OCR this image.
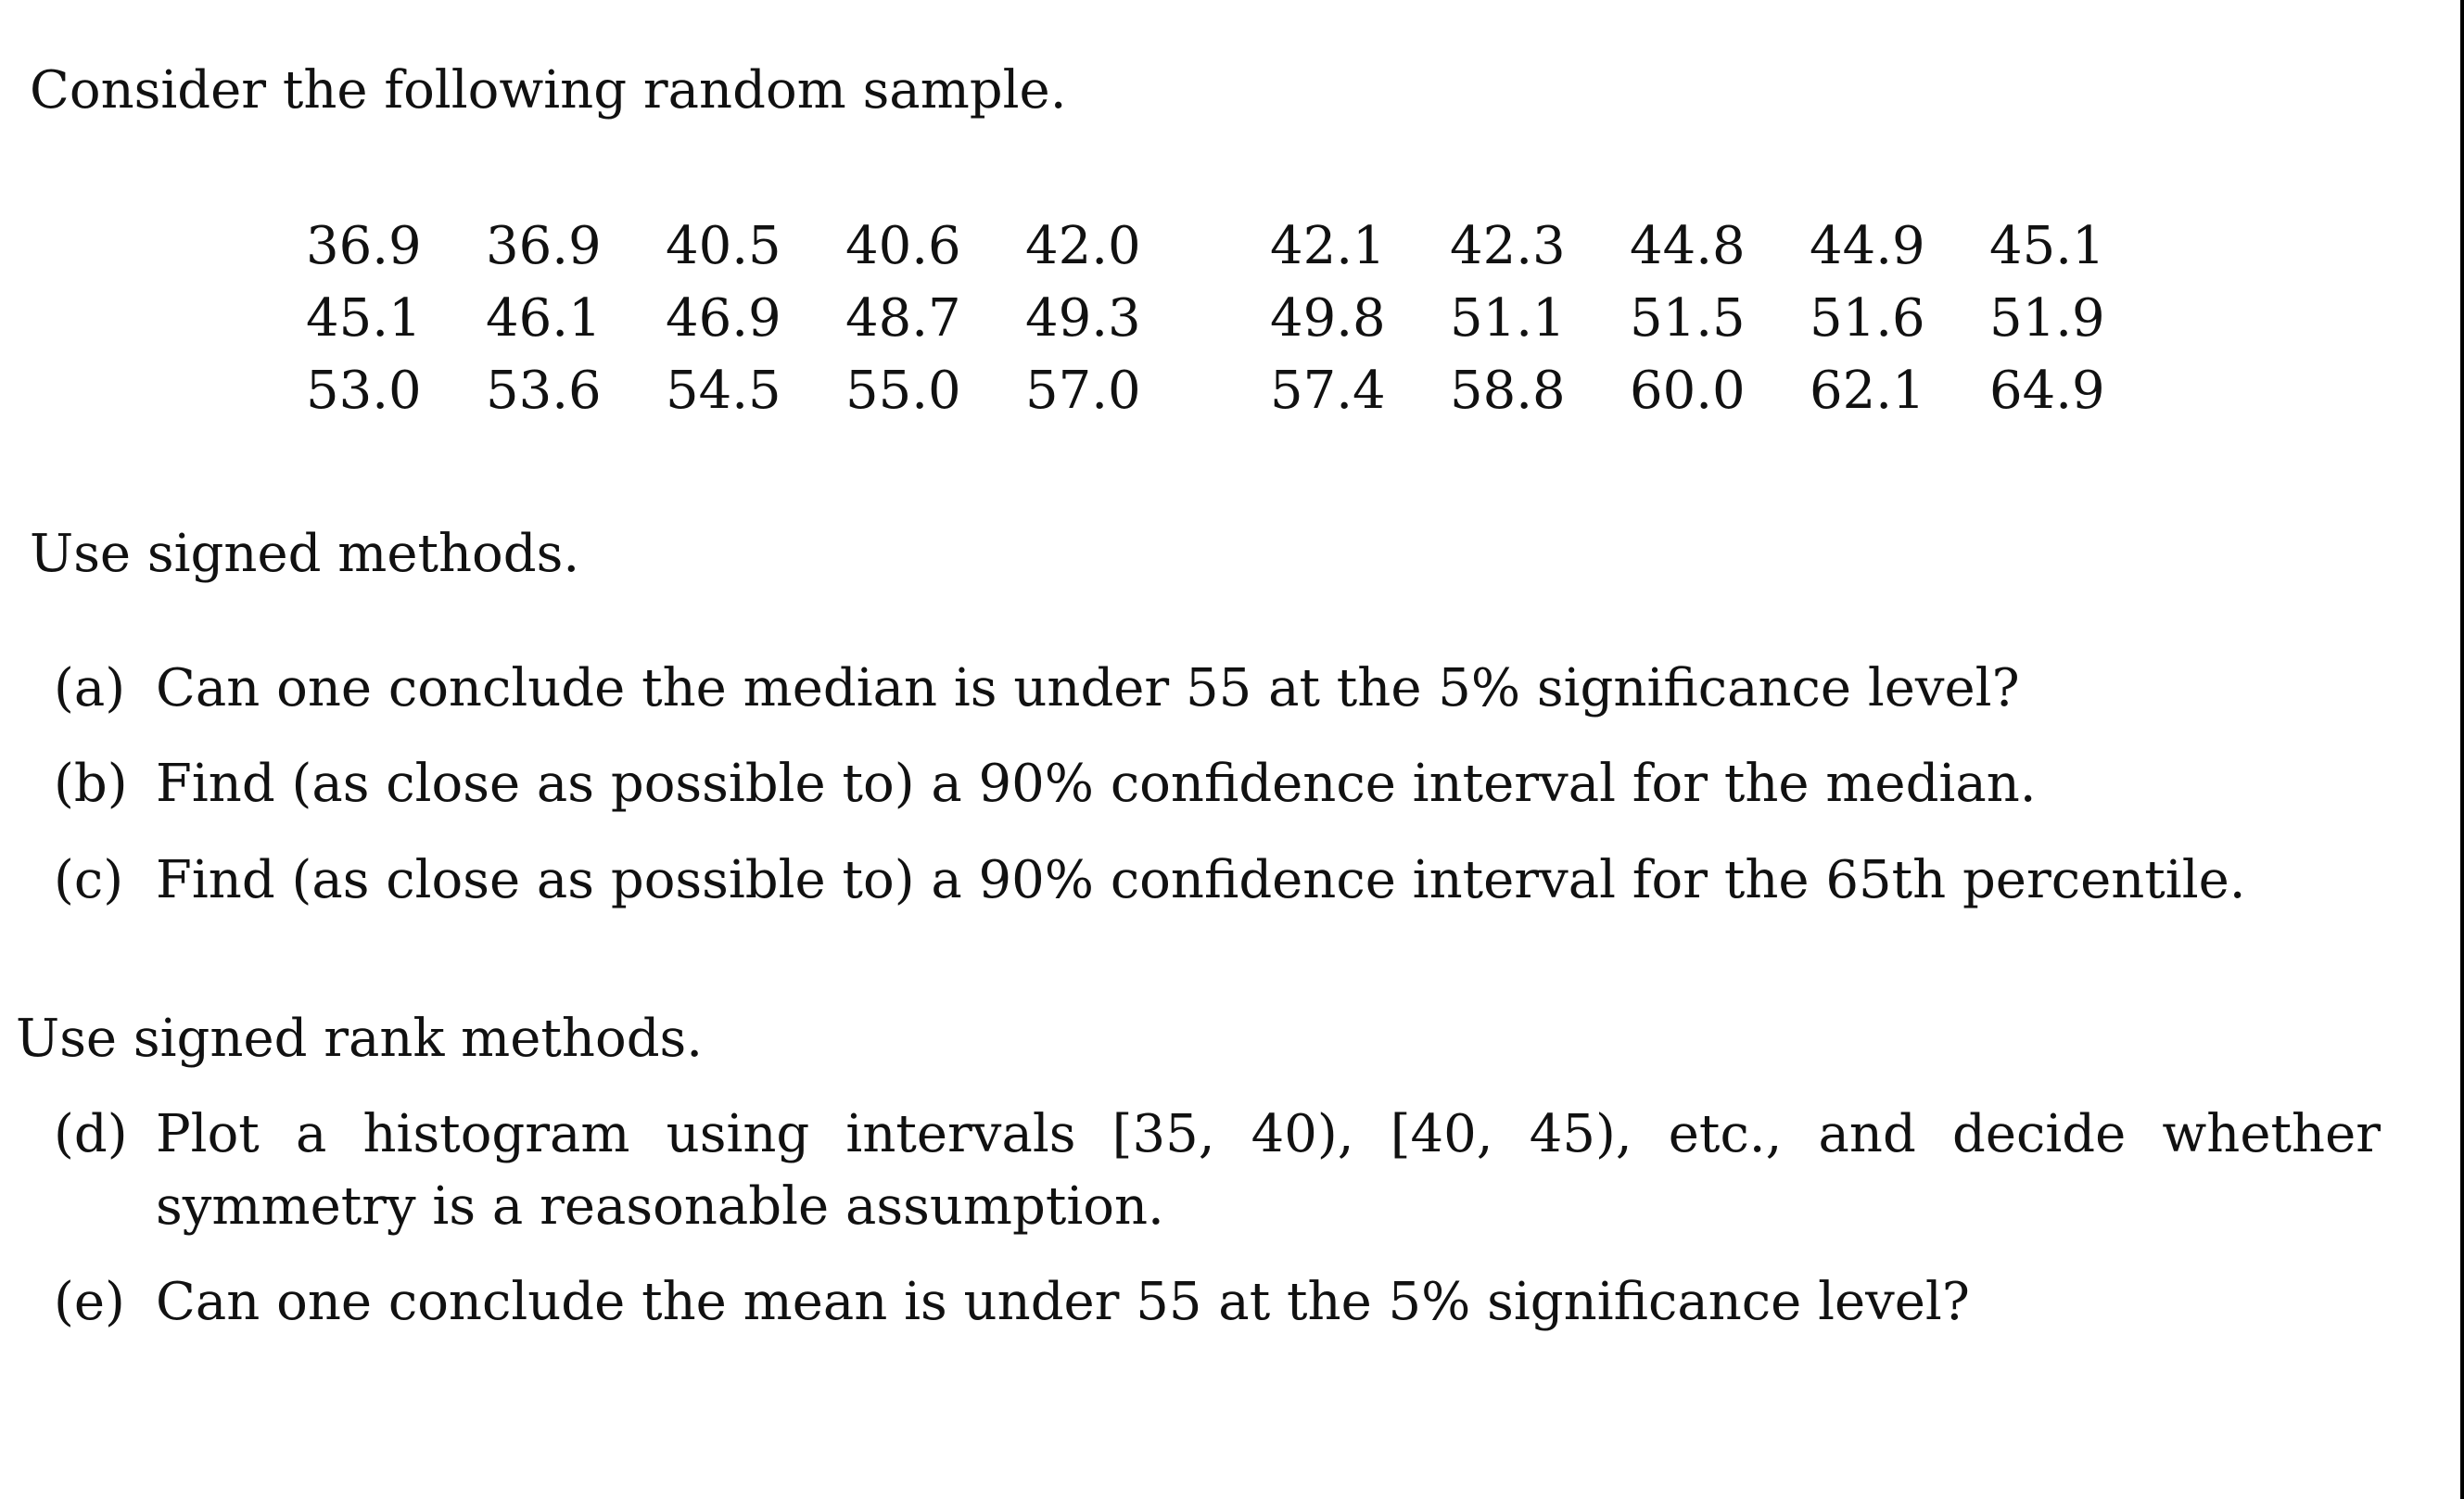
Consider the following random sample.

36.9 36.9 40.5 40.6 42.0 42.1 42.3 44.8 44.9 45.1
45.1 46.1 46.9 48.7 49.3 49.8 51.1 51.5 51.6 51.9
53.0 53.6 54.5 55.0 57.0 57.4 58.8 60.0 62.1 64.9

Use signed methods.

(a) Can one conclude the median is under 55 at the 5% significance level?
(b) Find (as close as possible to) a 90% confidence interval for the median.
(c) Find (as close as possible to) a 90% confidence interval for the 65th percentile.

Use signed rank methods.

(d) Plot a histogram using intervals [35, 40), [40, 45), etc., and decide whether symmetry is a reasonable assumption.
(e) Can one conclude the mean is under 55 at the 5% significance level?
